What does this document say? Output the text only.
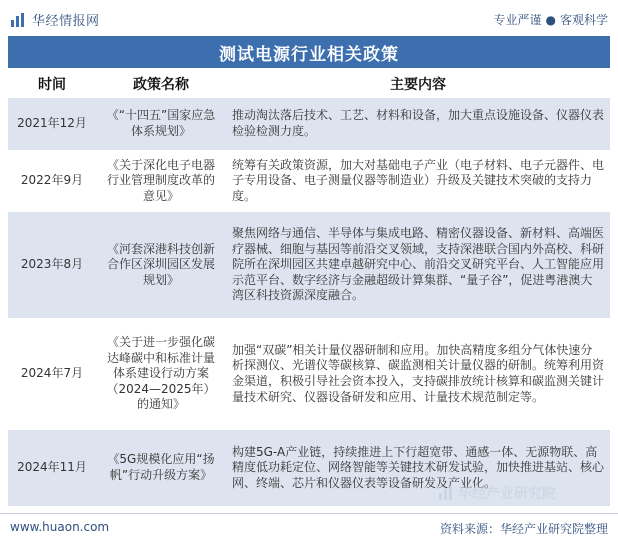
华经情报网	专业严谨 ● 客观科学
测试电源行业相关政策
时间	政策名称	主要内容
2021年12月	《“十四五”国家应急体系规划》	推动淘汰落后技术、工艺、材料和设备，加大重点设施设备、仪器仪表检验检测力度。
2022年9月	《关于深化电子电器行业管理制度改革的意见》	统筹有关政策资源，加大对基础电子产业（电子材料、电子元器件、电子专用设备、电子测量仪器等制造业）升级及关键技术突破的支持力度。
2023年8月	《河套深港科技创新合作区深圳园区发展规划》	聚焦网络与通信、半导体与集成电路、精密仪器设备、新材料、高端医疗器械、细胞与基因等前沿交叉领域，支持深港联合国内外高校、科研院所在深圳园区共建卓越研究中心、前沿交叉研究平台、人工智能应用示范平台、数字经济与金融超级计算集群、“量子谷”，促进粤港澳大湾区科技资源深度融合。
2024年7月	《关于进一步强化碳达峰碳中和标准计量体系建设行动方案（2024—2025年）的通知》	加强“双碳”相关计量仪器研制和应用。加快高精度多组分气体快速分析探测仪、光谱仪等碳核算、碳监测相关计量仪器的研制。统筹利用资金渠道，积极引导社会资本投入，支持碳排放统计核算和碳监测关键计量技术研究、仪器设备研发和应用、计量技术规范制定等。
2024年11月	《5G规模化应用“扬帆”行动升级方案》	构建5G-A产业链，持续推进上下行超宽带、通感一体、无源物联、高精度低功耗定位、网络智能等关键技术研发试验，加快推进基站、核心网、终端、芯片和仪器仪表等设备研发及产业化。
华经产业研究院
www.huaon.com	资料来源：华经产业研究院整理
